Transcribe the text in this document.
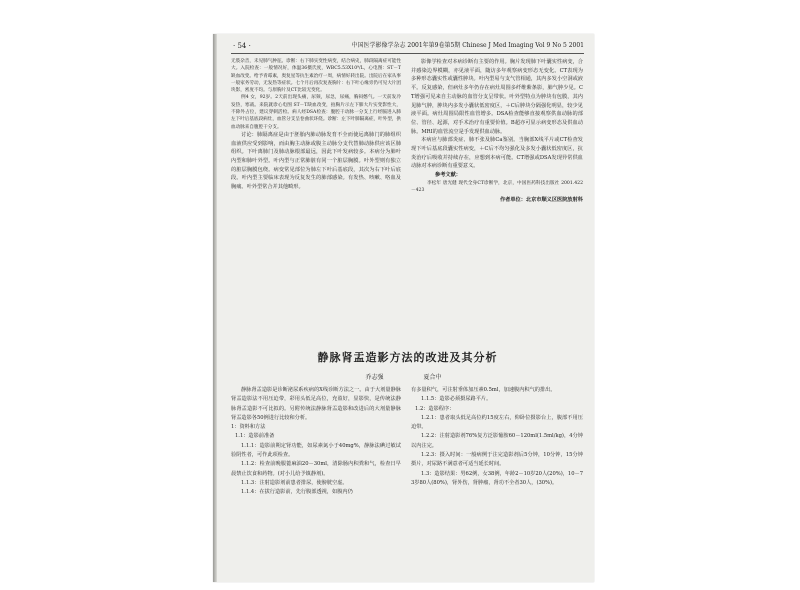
· 54 ·	中国医学影像学杂志 2001年第9卷第5期 Chinese J Med Imaging Vol 9 No 5 2001

无肢杂音，未见肺气肿征。诊断：右下肺实变性病变，结合病史，肺段隔离症可能性大。入院检查：一般情况好，体温36摄氏度，WBC5.53X10⁹/L，心电图：ST－T缺血改变。给予青霉素，奥复星等抗生素治疗一周，病情好转出院。出院后在家从事一般家务劳动，无发热等症状。七个月后再次复查胸片：右下叶心缘旁仍可见大片团块影，密度不均。与原胸片及CT比较无变化。

例4 女，92岁。2天前出现头痛，尿频，尿急，尿痛，胸闷憋气。一天前发冷发热，寒战。来院就诊心电图 ST－T缺血改变，拍胸片示左下肺大片实变影性大，不除外占位，建议穿刺活检。病人经DSA检查：腹腔干动脉一分支上行经膈进入肺左下叶后基底段病灶，血管分支呈卷曲状环绕。诊断：左下叶肺隔离症，叶外型，供血动脉来自腹腔干分支。

讨论：肺隔离症是由于胚胎内肺动脉发育不全而使远离肺门的肺组织血液供应受到影响，而由胸主动脉或腹主动脉分支代替肺动脉供应该区肺组织。下叶离肺门及肺动脉根部最远，因此下叶发病较多。本病分为肺叶内型和肺叶外型。叶内型与正常肺脏有同一个脏层胸膜。叶外型则有独立的脏层胸膜包绕。病变常见部位为肺左下叶后基底段，其次为右下叶后底段。叶内型主要临床表现为反复发生的肺部感染。有发热、咳嗽、咯血及胸痛。叶外型常合并其他畸形。

影像学检查对本病诊断有主要的作用。胸片发现肺下叶囊实性病变，合并感染边界模糊，亦见液平面，随访多年观察病变形态无变化。CT表现为多种形态囊实性或囊性肿块。叶内型易与支气管相通，其内多发小空洞或液平。反复感染，但病灶多年仍存在病灶周围多纤维紫条影，肺气肿少见。CT增强可见来自主动脉的血管分支呈带状。叶外型特点为肿块有包膜，其内见肺气肿，肿块内多发小囊状低密度区，＋C后肿块分隔强化明显，较少见液平面。病灶周围局限性血管增多。DSA检查能够直接观察供血动脉的部位、管径、起源，对手术治疗有重要价值。B超亦可显示病变形态及供血动脉。MRI的血管流空是手发现供血动脉。

本病应与肺部炎症、肺不张及肺Ca鉴别。当胸部X线平片或CT检查发现下叶后基底段囊实性病变，＋C后不均匀强化及多发小囊状低密度区，抗炎治疗后吸收并持续存在，应想到本病可能。CT增强或DSA发现异常供血动脉对本病诊断有重要意义。

参考文献：

李松年 唐光健 现代全身CT诊断学，北京，中国医药科技出版社 2001.422－423

作者单位：北京市顺义区医院放射科

静脉肾盂造影方法的改进及其分析
乔志强	夏合中

静脉肾盂造影是诊断泌尿系疾病的X线诊断方法之一。由于大剂量静脉肾盂造影法不用压迫带，彩用头低足高位，充盈好，显影快，是传统法静脉肾盂造影不可比拟的。另附传统法静脉肾盂造影和改进后的大剂量静脉肾盂造影各50例进行比较和分析。

1：资料和方法

1.1：造影前准备

1.1.1：造影前期定肾功能，如尿素氮小于40mg%，静脉法碘过敏试验阴性者，可作此项检查。

1.1.2：检查前晚服蓖麻油20－30ml，清除肠内积粪和气，检查日早晨禁止饮食和药物。(对小儿给予镇静剂)。

1.1.3：注射造影剂前患者排尿，使膀胱空虚。

1.1.4：在拔行造影前，先行腹部透视，如腹内仍

有多量积气，可注射垂体加压素0.5ml，加速腹内积气的排出。

1.1.5：造影必须摄尿路平片。

1.2：造影程序：

1.2.1：患者取头低足高位约15度左右，仰卧位摄影台上，腹部不用压迫带。

1.2.2：注射造影剂76%复方泛影葡胺60－120ml(1.5ml/kg)，4分钟以内注完。

1.2.3：摄入时间：一般病例于注完造影剂后5分钟，10分钟，15分钟摄片，对尿路不满意者可适当延长时间。

1.3：造影结果：男62例，女38例，年龄2－10岁20人(20%)，10－73岁80人(80%)，肾外伤，肾肿瘤，肾功不全者30人，(30%)。
